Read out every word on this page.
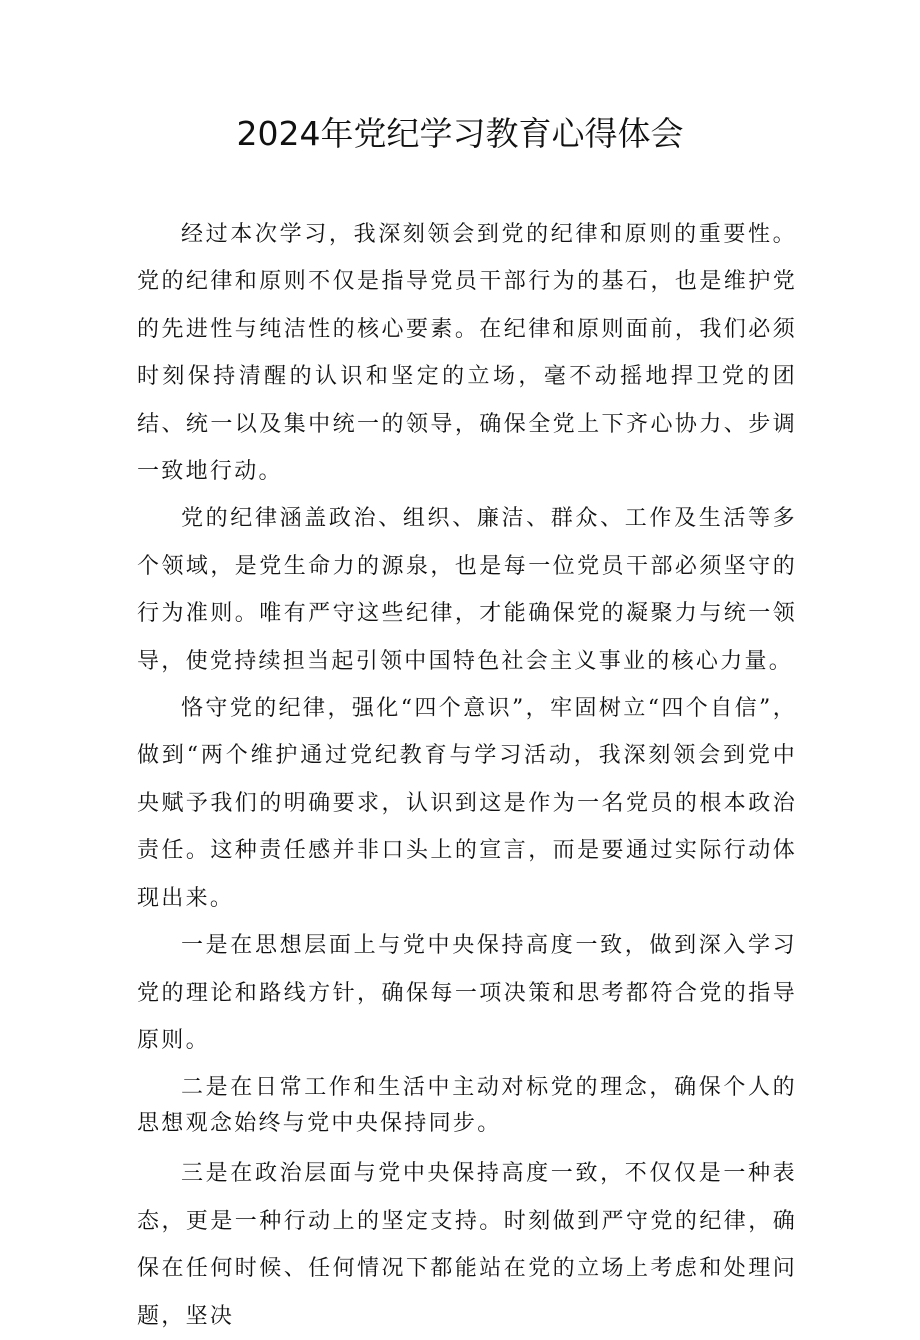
2024年党纪学习教育心得体会

经过本次学习，我深刻领会到党的纪律和原则的重要性。党的纪律和原则不仅是指导党员干部行为的基石，也是维护党的先进性与纯洁性的核心要素。在纪律和原则面前，我们必须时刻保持清醒的认识和坚定的立场，毫不动摇地捍卫党的团结、统一以及集中统一的领导，确保全党上下齐心协力、步调一致地行动。

党的纪律涵盖政治、组织、廉洁、群众、工作及生活等多个领域，是党生命力的源泉，也是每一位党员干部必须坚守的行为准则。唯有严守这些纪律，才能确保党的凝聚力与统一领导，使党持续担当起引领中国特色社会主义事业的核心力量。

恪守党的纪律，强化“四个意识”，牢固树立“四个自信”，做到“两个维护通过党纪教育与学习活动，我深刻领会到党中央赋予我们的明确要求，认识到这是作为一名党员的根本政治责任。这种责任感并非口头上的宣言，而是要通过实际行动体现出来。

一是在思想层面上与党中央保持高度一致，做到深入学习党的理论和路线方针，确保每一项决策和思考都符合党的指导原则。

二是在日常工作和生活中主动对标党的理念，确保个人的思想观念始终与党中央保持同步。

三是在政治层面与党中央保持高度一致，不仅仅是一种表态，更是一种行动上的坚定支持。时刻做到严守党的纪律，确保在任何时候、任何情况下都能站在党的立场上考虑和处理问题，坚决
